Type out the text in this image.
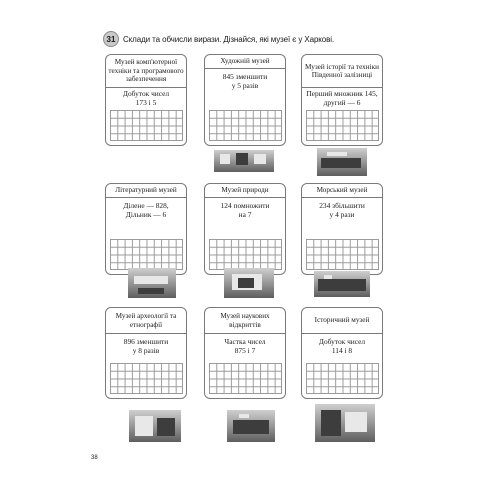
31 Склади та обчисли вирази. Дізнайся, які музеї є у Харкові.
Музей комп'ютерної техніки та програмового забезпечення
Добуток чисел
173 і 5
Художній музей
845 зменшити
у 5 разів
Музей історії та техніки Південної залізниці
Перший множник 145, другий — 6
Літературний музей
Ділене — 828,
Дільник — 6
Музей природи
124 помножити
на 7
Морський музей
234 збільшити
у 4 рази
Музей археології та етнографії
896 зменшити
у 8 разів
Музей наукових відкриттів
Частка чисел
875 і 7
Історичний музей
Добуток чисел
114 і 8
38
